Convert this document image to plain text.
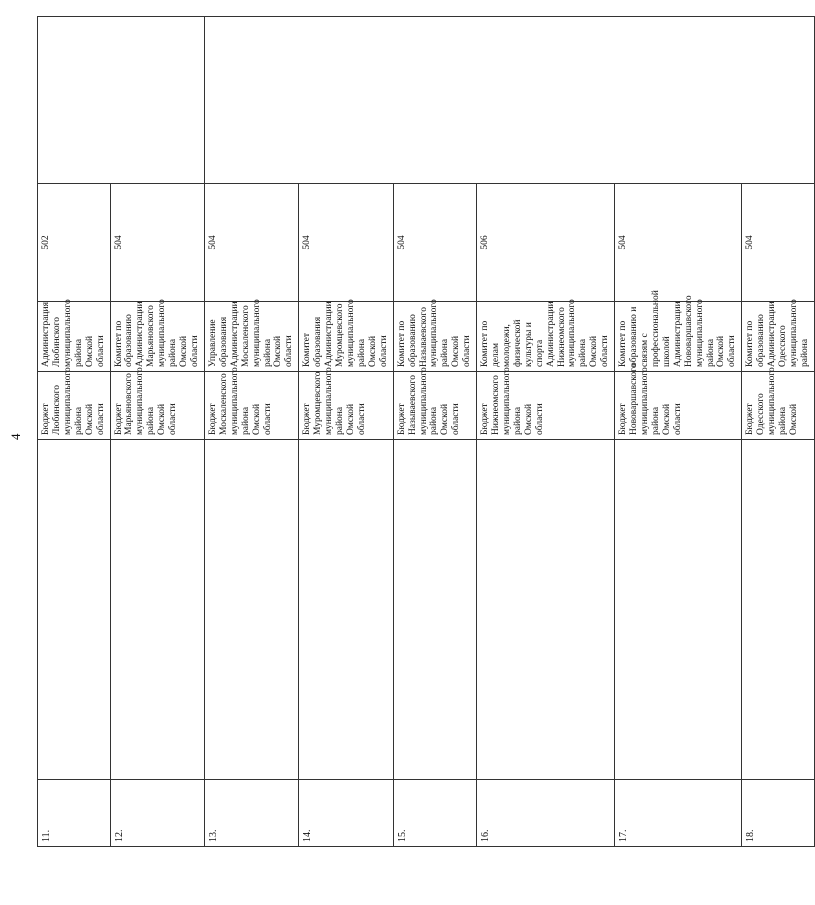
4
11.		Бюджет Любинского муниципального района Омской области	Администрация Любинского муниципального района Омской области	502	
12.		Бюджет Марьяновского муниципального района Омской области	Комитет по образованию Администрации Марьяновского муниципального района Омской области	504	
13.		Бюджет Москаленского муниципального района Омской области	Управление образования Администрации Москаленского муниципального района Омской области	504	
14.		Бюджет Муромцевского муниципального района Омской области	Комитет образования Администрации Муромцевского муниципального района Омской области	504	
15.		Бюджет Называевского муниципального района Омской области	Комитет по образованию Называевского муниципального района Омской области	504	
16.		Бюджет Нижнеомского муниципального района Омской области	Комитет по делам молодежи, физической культуры и спорта Администрации Нижнеомского муниципального района Омской области	506	
17.		Бюджет Нововаршавского муниципального района Омской области	Комитет по образованию и связям с профессиональной школой Администрации Нововаршавского муниципального района Омской области	504	
18.		Бюджет Одесского муниципального района Омской	Комитет по образованию Администрации Одесского муниципального района	504	
